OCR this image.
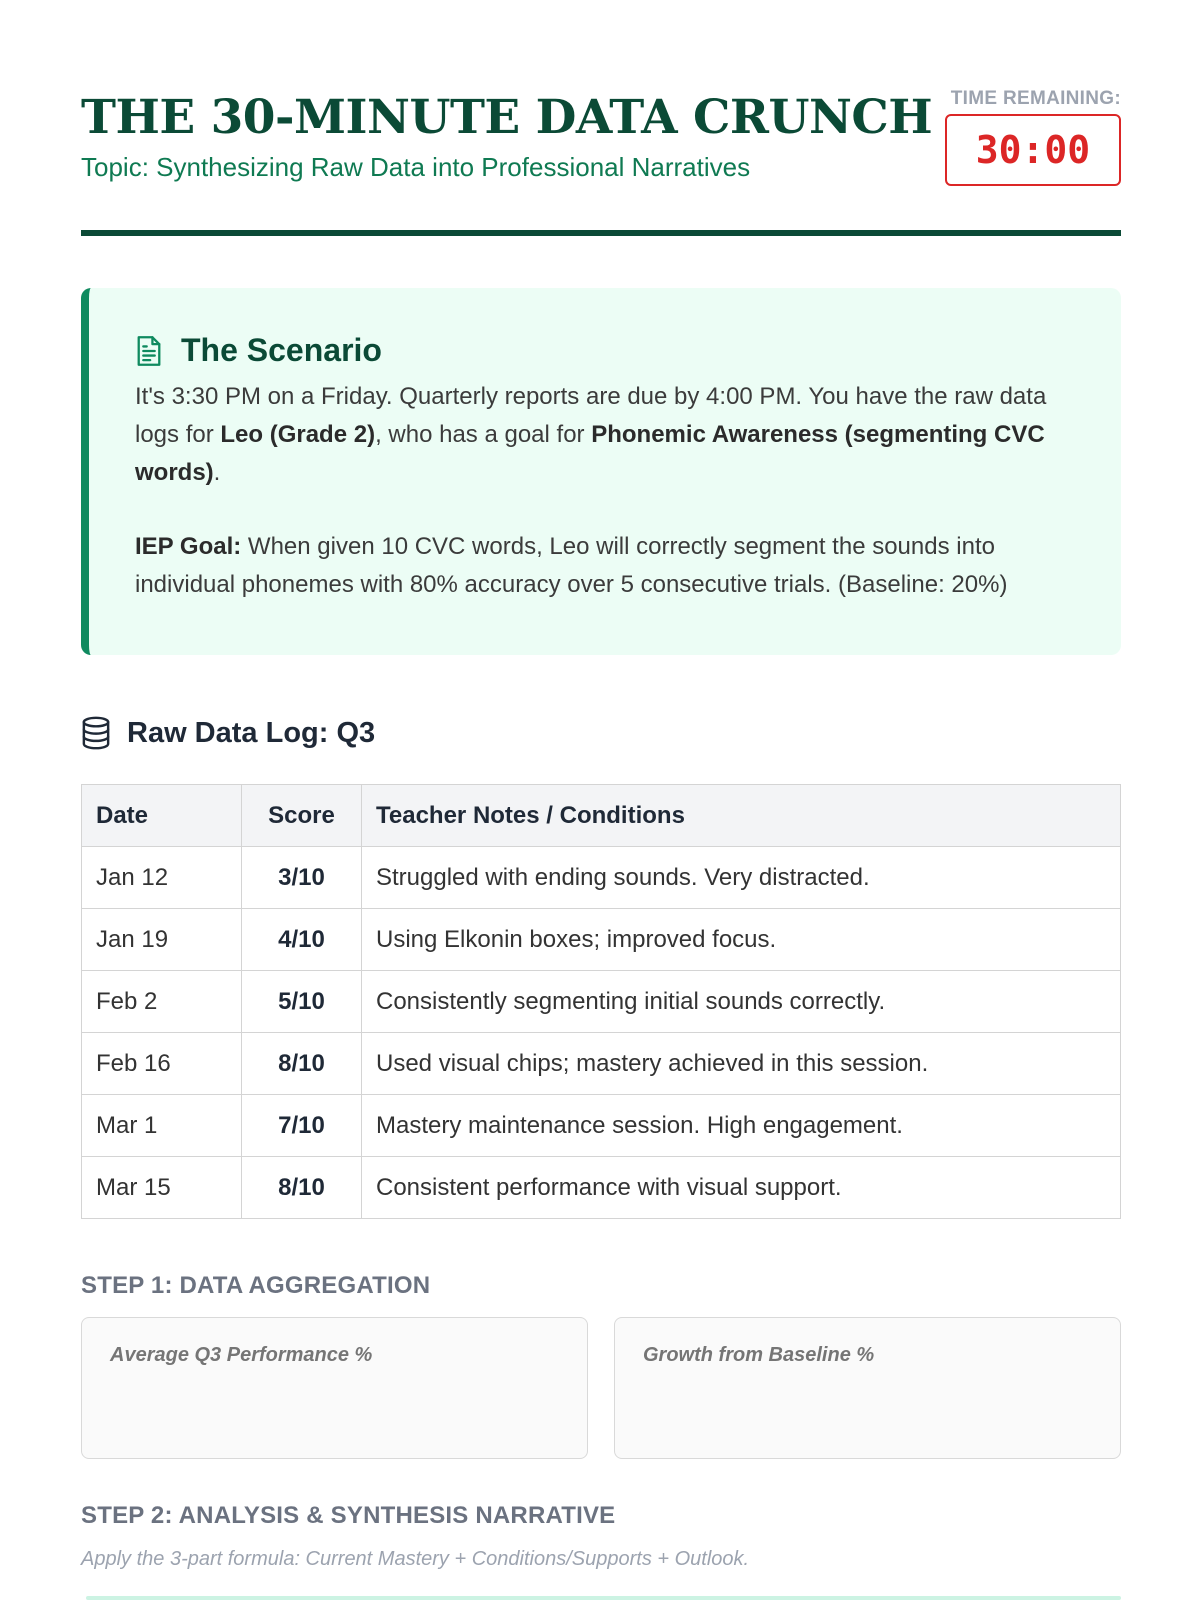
THE 30-MINUTE DATA CRUNCH
Topic: Synthesizing Raw Data into Professional Narratives
TIME REMAINING:
30:00
The Scenario

It's 3:30 PM on a Friday. Quarterly reports are due by 4:00 PM. You have the raw data logs for Leo (Grade 2), who has a goal for Phonemic Awareness (segmenting CVC words).

IEP Goal: When given 10 CVC words, Leo will correctly segment the sounds into individual phonemes with 80% accuracy over 5 consecutive trials. (Baseline: 20%)

Raw Data Log: Q3
Date	Score	Teacher Notes / Conditions
Jan 12	3/10	Struggled with ending sounds. Very distracted.
Jan 19	4/10	Using Elkonin boxes; improved focus.
Feb 2	5/10	Consistently segmenting initial sounds correctly.
Feb 16	8/10	Used visual chips; mastery achieved in this session.
Mar 1	7/10	Mastery maintenance session. High engagement.
Mar 15	8/10	Consistent performance with visual support.
STEP 1: DATA AGGREGATION
Average Q3 Performance %
Growth from Baseline %
STEP 2: ANALYSIS & SYNTHESIS NARRATIVE
Apply the 3-part formula: Current Mastery + Conditions/Supports + Outlook.
